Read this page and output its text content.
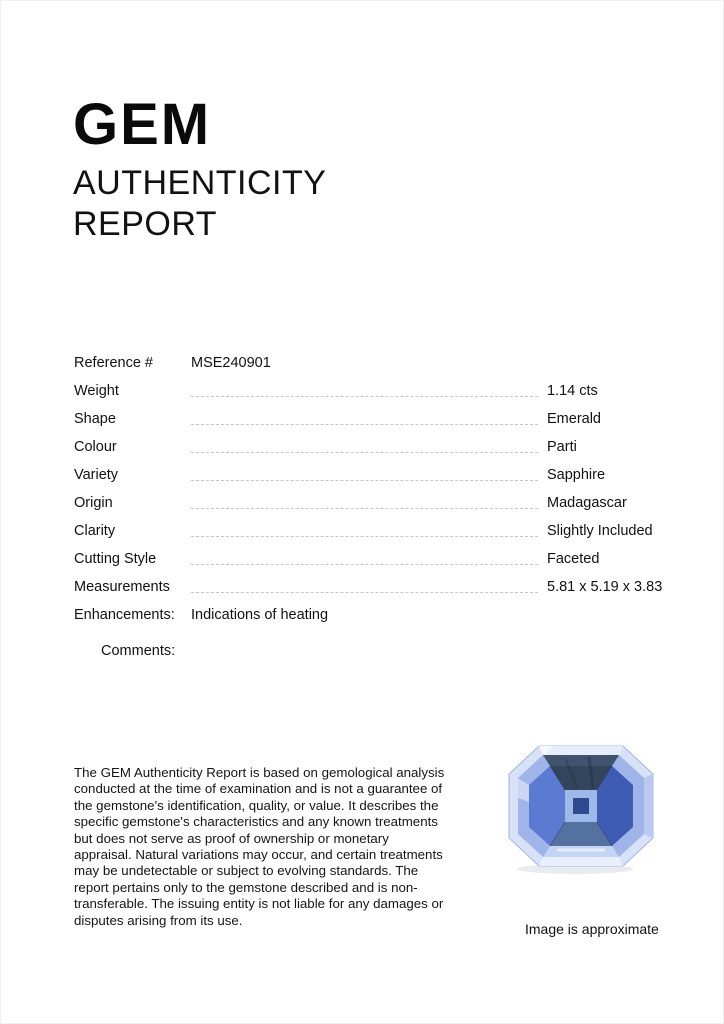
GEM
AUTHENTICITY
REPORT
Reference #	MSE240901
Weight	1.14 cts
Shape	Emerald
Colour	Parti
Variety	Sapphire
Origin	Madagascar
Clarity	Slightly Included
Cutting Style	Faceted
Measurements	5.81 x 5.19 x 3.83
Enhancements:	Indications of heating
Comments:
The GEM Authenticity Report is based on gemological analysis conducted at the time of examination and is not a guarantee of the gemstone's identification, quality, or value. It describes the specific gemstone's characteristics and any known treatments but does not serve as proof of ownership or monetary appraisal. Natural variations may occur, and certain treatments may be undetectable or subject to evolving standards. The report pertains only to the gemstone described and is non-transferable. The issuing entity is not liable for any damages or disputes arising from its use.
Image is approximate
